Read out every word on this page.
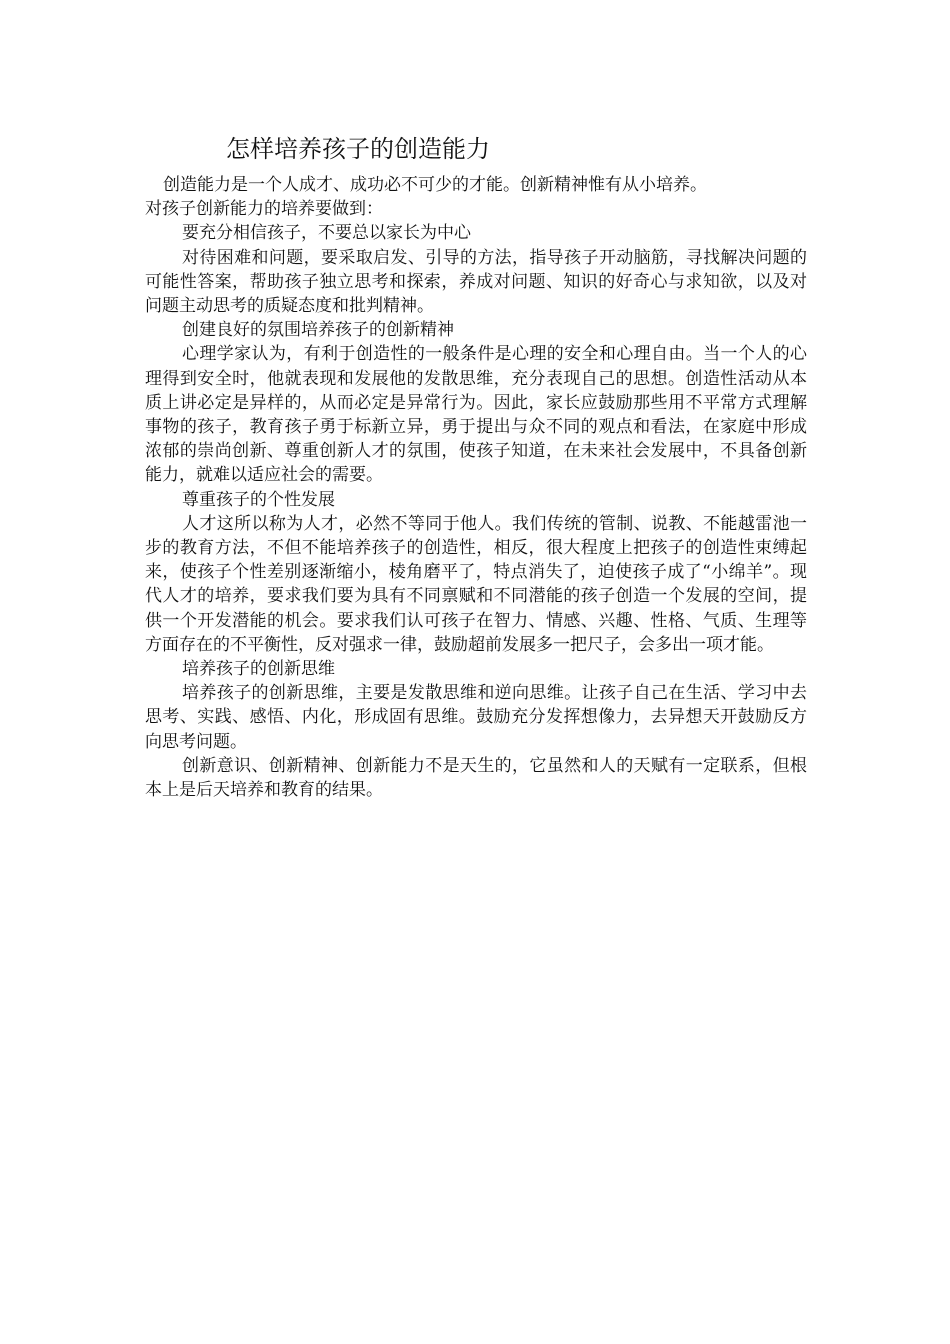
怎样培养孩子的创造能力

创造能力是一个人成才、成功必不可少的才能。创新精神惟有从小培养。

对孩子创新能力的培养要做到：

要充分相信孩子，不要总以家长为中心

对待困难和问题，要采取启发、引导的方法，指导孩子开动脑筋，寻找解决问题的可能性答案，帮助孩子独立思考和探索，养成对问题、知识的好奇心与求知欲，以及对问题主动思考的质疑态度和批判精神。

创建良好的氛围培养孩子的创新精神

心理学家认为，有利于创造性的一般条件是心理的安全和心理自由。当一个人的心理得到安全时，他就表现和发展他的发散思维，充分表现自己的思想。创造性活动从本质上讲必定是异样的，从而必定是异常行为。因此，家长应鼓励那些用不平常方式理解事物的孩子，教育孩子勇于标新立异，勇于提出与众不同的观点和看法，在家庭中形成浓郁的崇尚创新、尊重创新人才的氛围，使孩子知道，在未来社会发展中，不具备创新能力，就难以适应社会的需要。

尊重孩子的个性发展

人才这所以称为人才，必然不等同于他人。我们传统的管制、说教、不能越雷池一步的教育方法，不但不能培养孩子的创造性，相反，很大程度上把孩子的创造性束缚起来，使孩子个性差别逐渐缩小，棱角磨平了，特点消失了，迫使孩子成了“小绵羊”。现代人才的培养，要求我们要为具有不同禀赋和不同潜能的孩子创造一个发展的空间，提供一个开发潜能的机会。要求我们认可孩子在智力、情感、兴趣、性格、气质、生理等方面存在的不平衡性，反对强求一律，鼓励超前发展多一把尺子，会多出一项才能。

培养孩子的创新思维

培养孩子的创新思维，主要是发散思维和逆向思维。让孩子自己在生活、学习中去思考、实践、感悟、内化，形成固有思维。鼓励充分发挥想像力，去异想天开鼓励反方向思考问题。

创新意识、创新精神、创新能力不是天生的，它虽然和人的天赋有一定联系，但根本上是后天培养和教育的结果。
